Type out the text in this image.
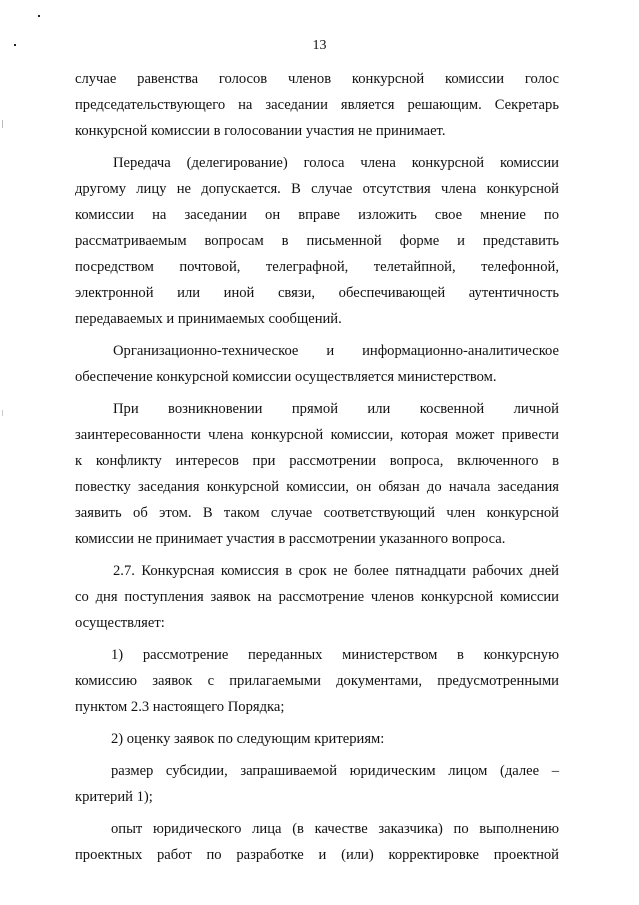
13

случае равенства голосов членов конкурсной комиссии голос
председательствующего на заседании является решающим. Секретарь
конкурсной комиссии в голосовании участия не принимает.

Передача (делегирование) голоса члена конкурсной комиссии
другому лицу не допускается. В случае отсутствия члена конкурсной
комиссии на заседании он вправе изложить свое мнение по
рассматриваемым вопросам в письменной форме и представить
посредством почтовой, телеграфной, телетайпной, телефонной,
электронной или иной связи, обеспечивающей аутентичность
передаваемых и принимаемых сообщений.

Организационно-техническое и информационно-аналитическое
обеспечение конкурсной комиссии осуществляется министерством.

При возникновении прямой или косвенной личной
заинтересованности члена конкурсной комиссии, которая может привести
к конфликту интересов при рассмотрении вопроса, включенного в
повестку заседания конкурсной комиссии, он обязан до начала заседания
заявить об этом. В таком случае соответствующий член конкурсной
комиссии не принимает участия в рассмотрении указанного вопроса.

2.7. Конкурсная комиссия в срок не более пятнадцати рабочих дней
со дня поступления заявок на рассмотрение членов конкурсной комиссии
осуществляет:

1) рассмотрение переданных министерством в конкурсную
комиссию заявок с прилагаемыми документами, предусмотренными
пунктом 2.3 настоящего Порядка;

2) оценку заявок по следующим критериям:

размер субсидии, запрашиваемой юридическим лицом (далее –
критерий 1);

опыт юридического лица (в качестве заказчика) по выполнению
проектных работ по разработке и (или) корректировке проектной
